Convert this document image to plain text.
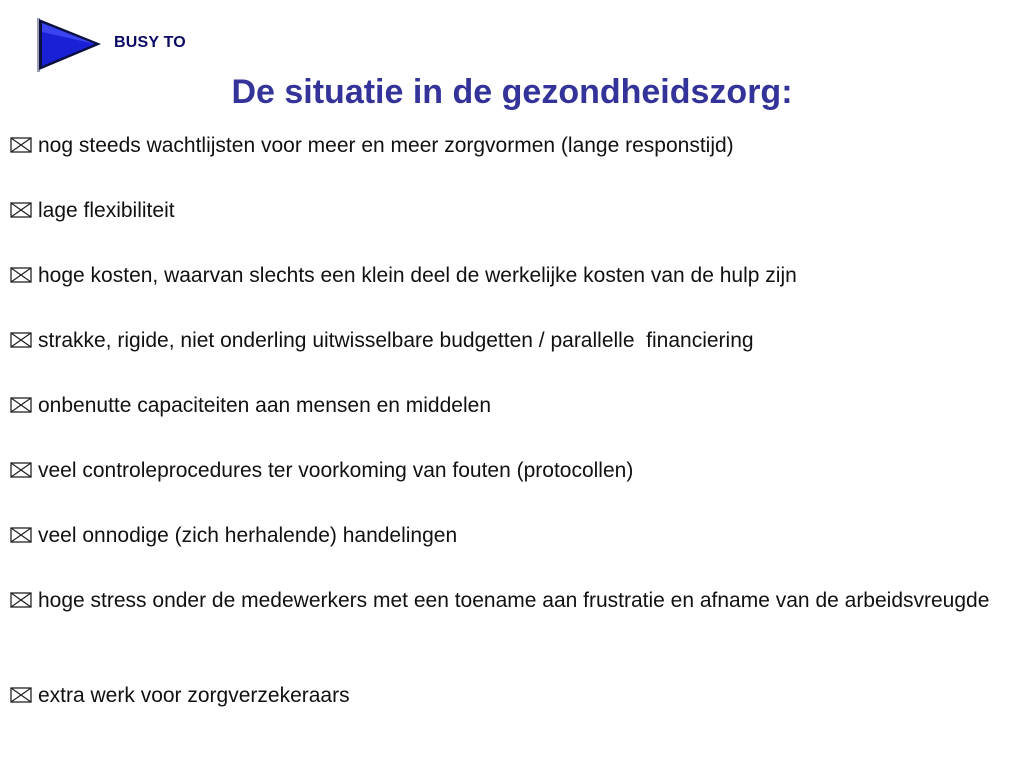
BUSY TO
De situatie in de gezondheidszorg:
nog steeds wachtlijsten voor meer en meer zorgvormen (lange responstijd)
lage flexibiliteit
hoge kosten, waarvan slechts een klein deel de werkelijke kosten van de hulp zijn
strakke, rigide, niet onderling uitwisselbare budgetten / parallelle  financiering
onbenutte capaciteiten aan mensen en middelen
veel controleprocedures ter voorkoming van fouten (protocollen)
veel onnodige (zich herhalende) handelingen
hoge stress onder de medewerkers met een toename aan frustratie en afname van de arbeidsvreugde
extra werk voor zorgverzekeraars
